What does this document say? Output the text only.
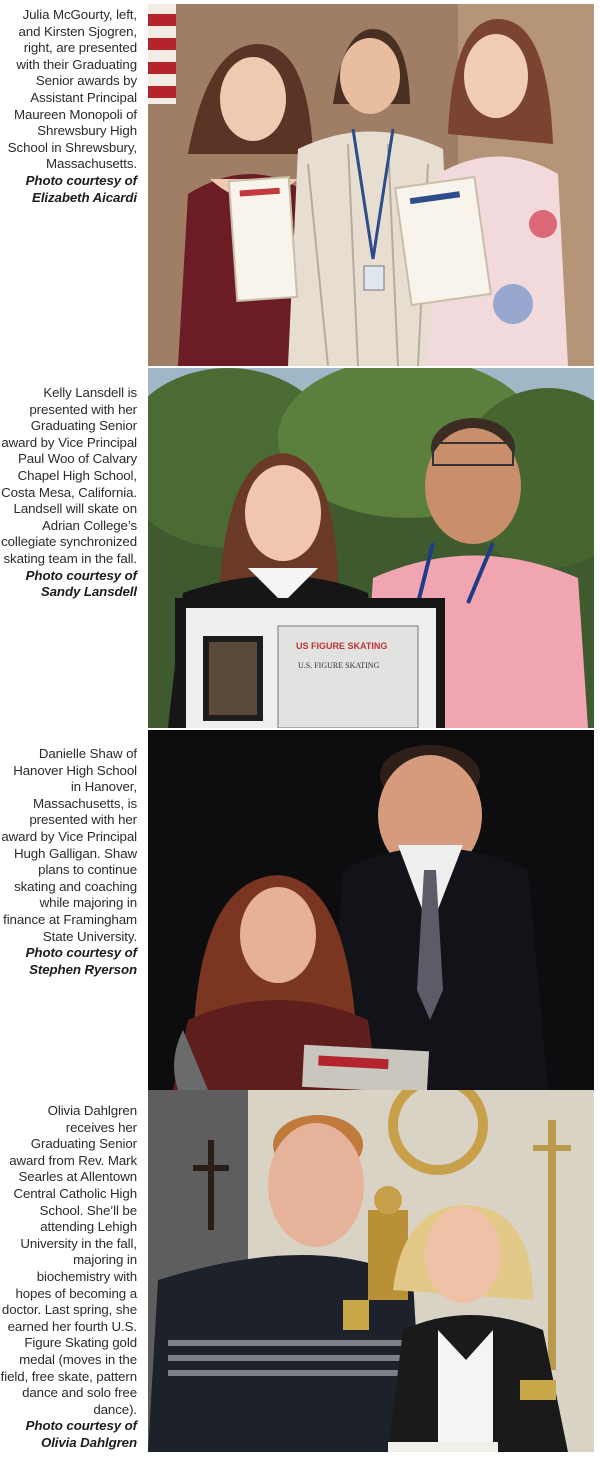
Julia McGourty, left, and Kirsten Sjogren, right, are presented with their Graduating Senior awards by Assistant Principal Maureen Monopoli of Shrewsbury High School in Shrewsbury, Massachusetts.
Photo courtesy of Elizabeth Aicardi
Kelly Lansdell is presented with her Graduating Senior award by Vice Principal Paul Woo of Calvary Chapel High School, Costa Mesa, California. Landsell will skate on Adrian College’s collegiate synchronized skating team in the fall.
Photo courtesy of Sandy Lansdell
US FIGURE SKATING
U.S. FIGURE SKATING
Danielle Shaw of Hanover High School in Hanover, Massachusetts, is presented with her award by Vice Principal Hugh Galligan. Shaw plans to continue skating and coaching while majoring in finance at Framingham State University.
Photo courtesy of Stephen Ryerson
Olivia Dahlgren receives her Graduating Senior award from Rev. Mark Searles at Allentown Central Catholic High School. She’ll be attending Lehigh University in the fall, majoring in biochemistry with hopes of becoming a doctor. Last spring, she earned her fourth U.S. Figure Skating gold medal (moves in the field, free skate, pattern dance and solo free dance).
Photo courtesy of Olivia Dahlgren
